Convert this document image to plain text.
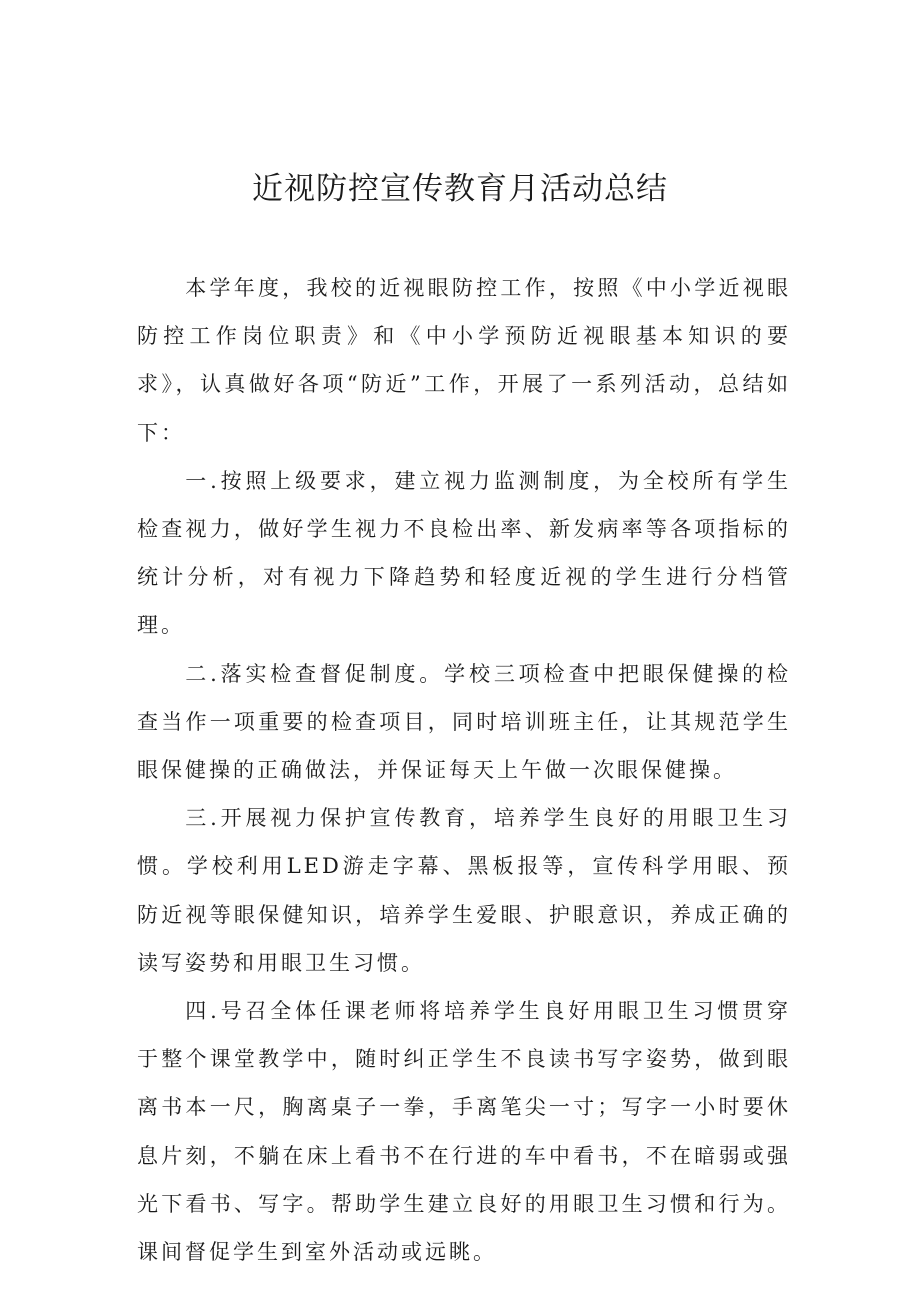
近视防控宣传教育月活动总结

本学年度，我校的近视眼防控工作，按照《中小学近视眼防控工作岗位职责》和《中小学预防近视眼基本知识的要求》，认真做好各项“防近”工作，开展了一系列活动，总结如下：

一.按照上级要求，建立视力监测制度，为全校所有学生检查视力，做好学生视力不良检出率、新发病率等各项指标的统计分析，对有视力下降趋势和轻度近视的学生进行分档管理。

二.落实检查督促制度。学校三项检查中把眼保健操的检查当作一项重要的检查项目，同时培训班主任，让其规范学生眼保健操的正确做法，并保证每天上午做一次眼保健操。

三.开展视力保护宣传教育，培养学生良好的用眼卫生习惯。学校利用LED游走字幕、黑板报等，宣传科学用眼、预防近视等眼保健知识，培养学生爱眼、护眼意识，养成正确的读写姿势和用眼卫生习惯。

四.号召全体任课老师将培养学生良好用眼卫生习惯贯穿于整个课堂教学中，随时纠正学生不良读书写字姿势，做到眼离书本一尺，胸离桌子一拳，手离笔尖一寸；写字一小时要休息片刻，不躺在床上看书不在行进的车中看书，不在暗弱或强光下看书、写字。帮助学生建立良好的用眼卫生习惯和行为。课间督促学生到室外活动或远眺。
